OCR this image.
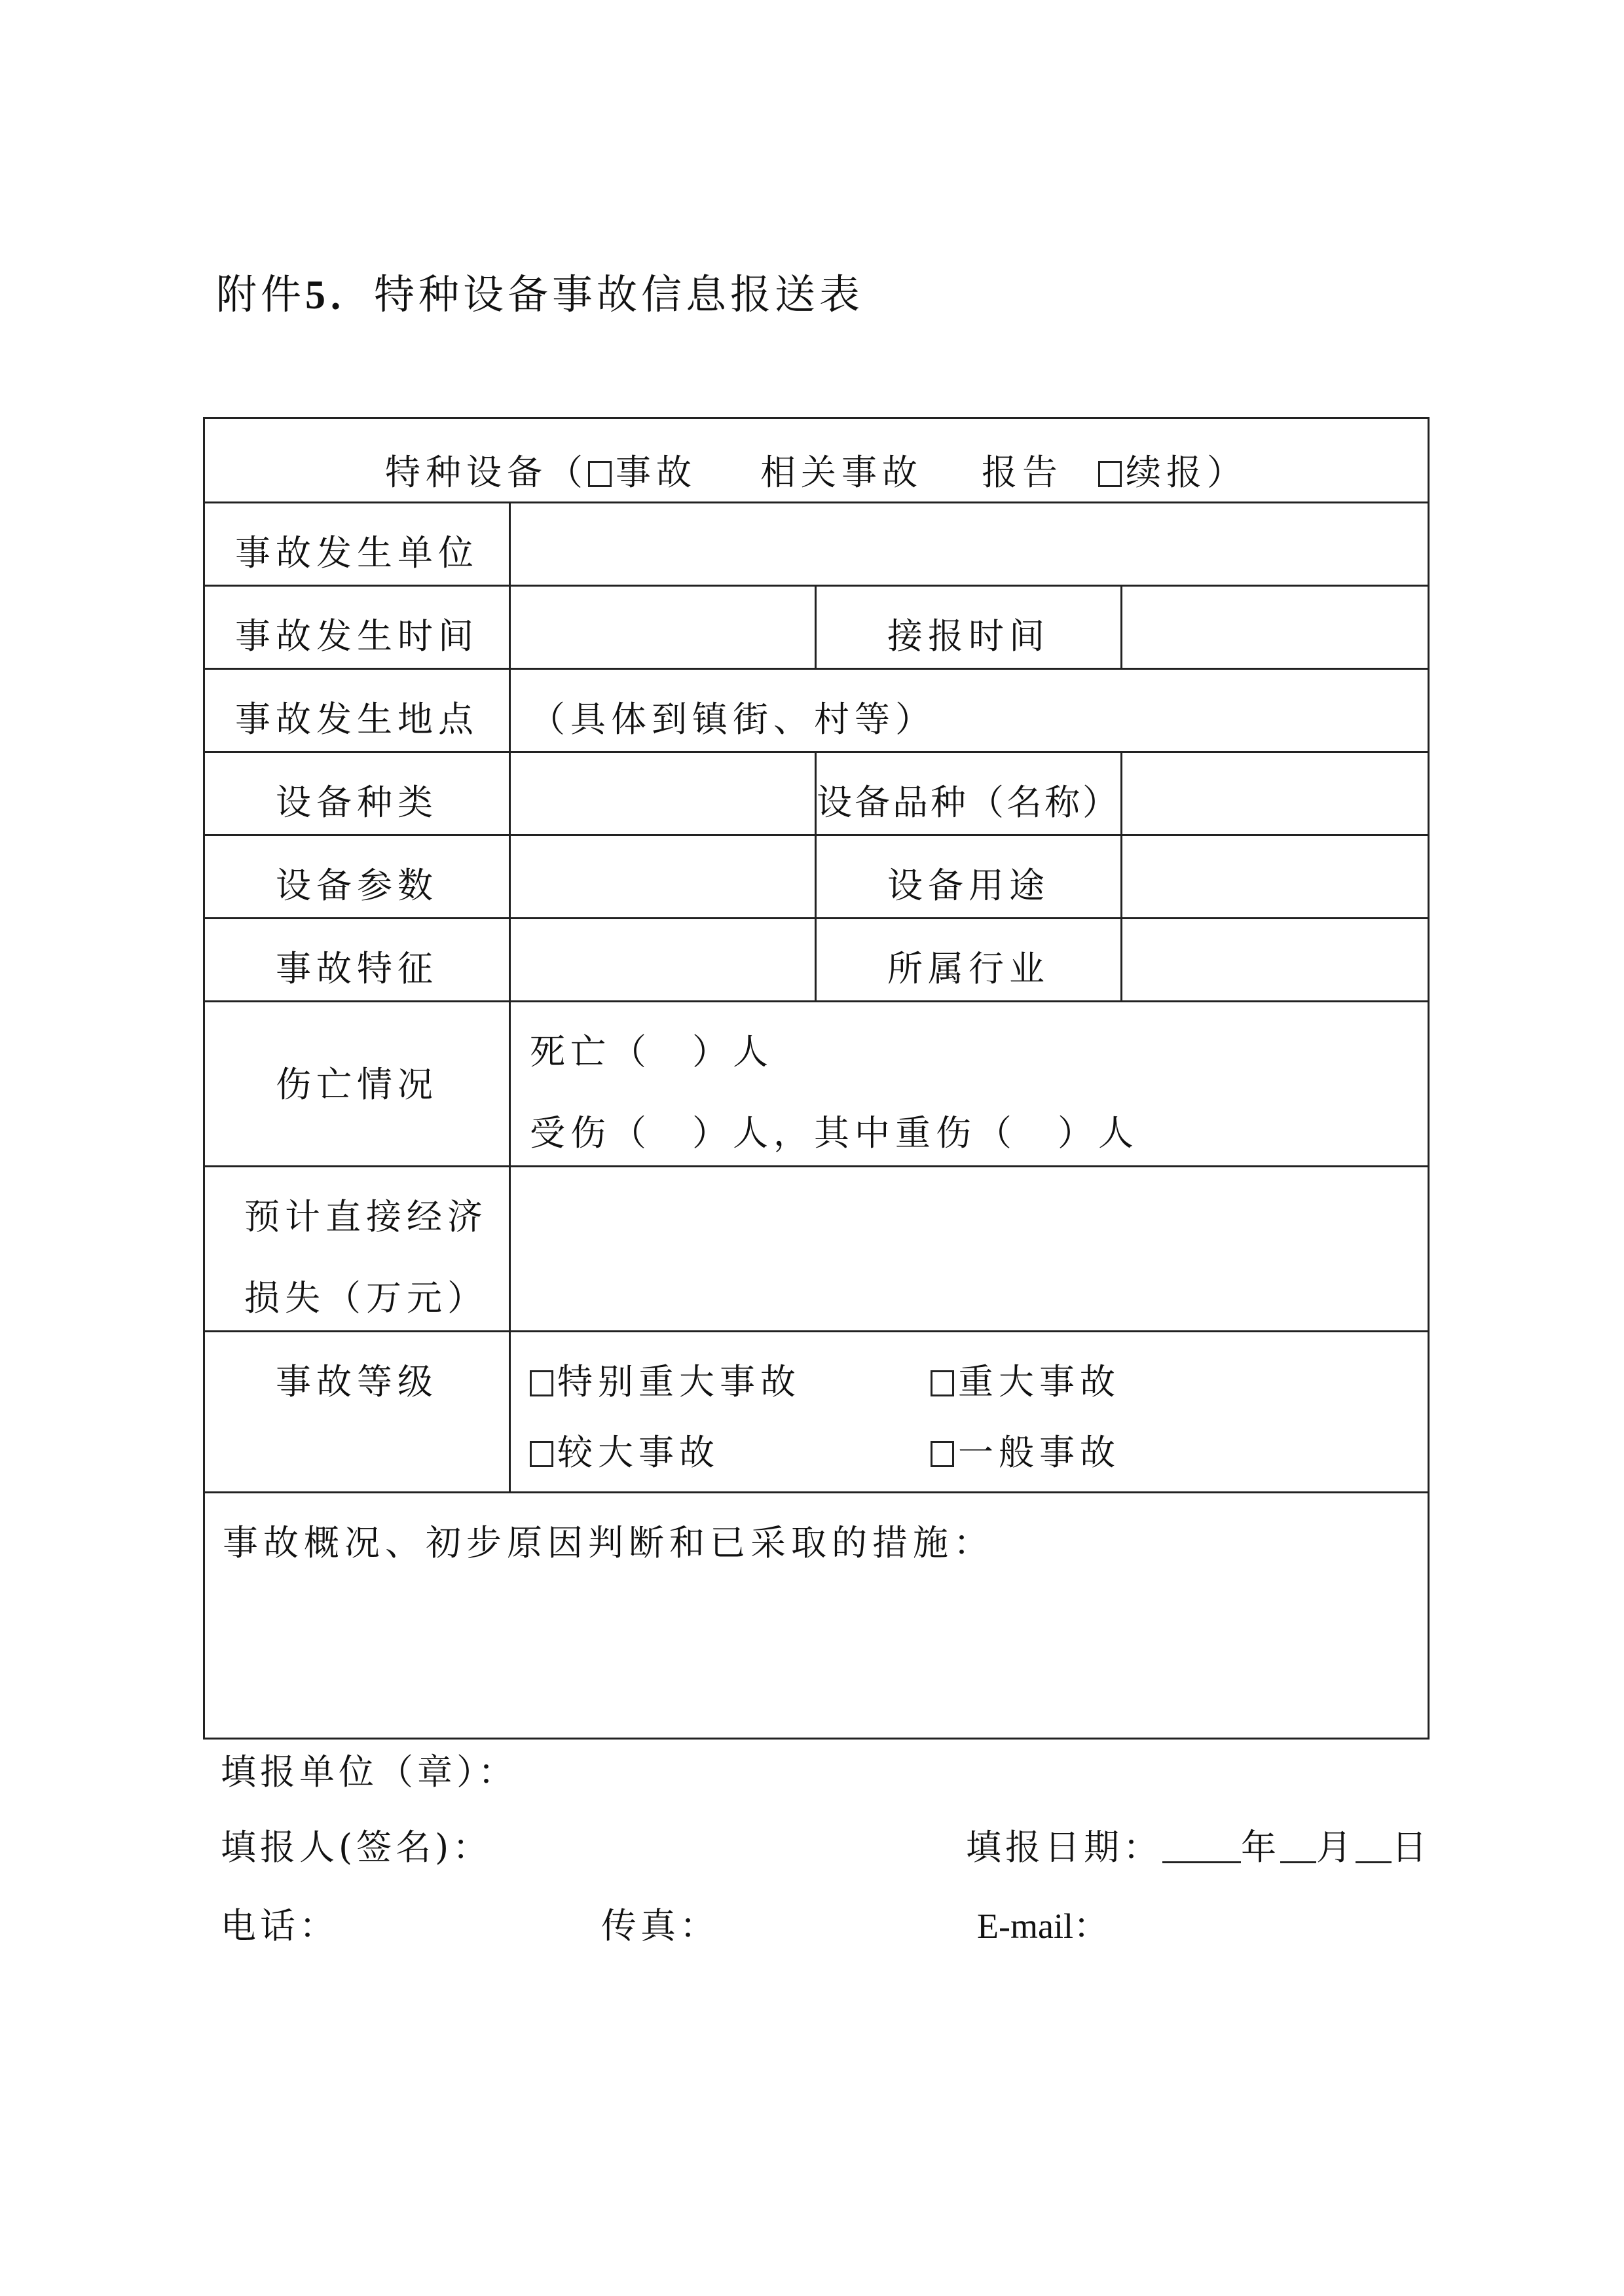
附件5．特种设备事故信息报送表
特种设备（ 事故 相关事故 报告	续报）
事故发生单位
事故发生时间	接报时间
事故发生地点 （具体到镇街、村等）
设备种类	设备品种（名称）
设备参数	设备用途
事故特征	所属行业
伤亡情况
死亡（　）人
受伤（　）人，其中重伤（　）人
预计直接经济
损失（万元）
事故等级	特别重大事故	重大事故
较大事故	一般事故
事故概况、初步原因判断和已采取的措施：
填报单位（章）：
填报人(签名)：	填报日期： 年 月 日
电话：	传真：	E-mail：
